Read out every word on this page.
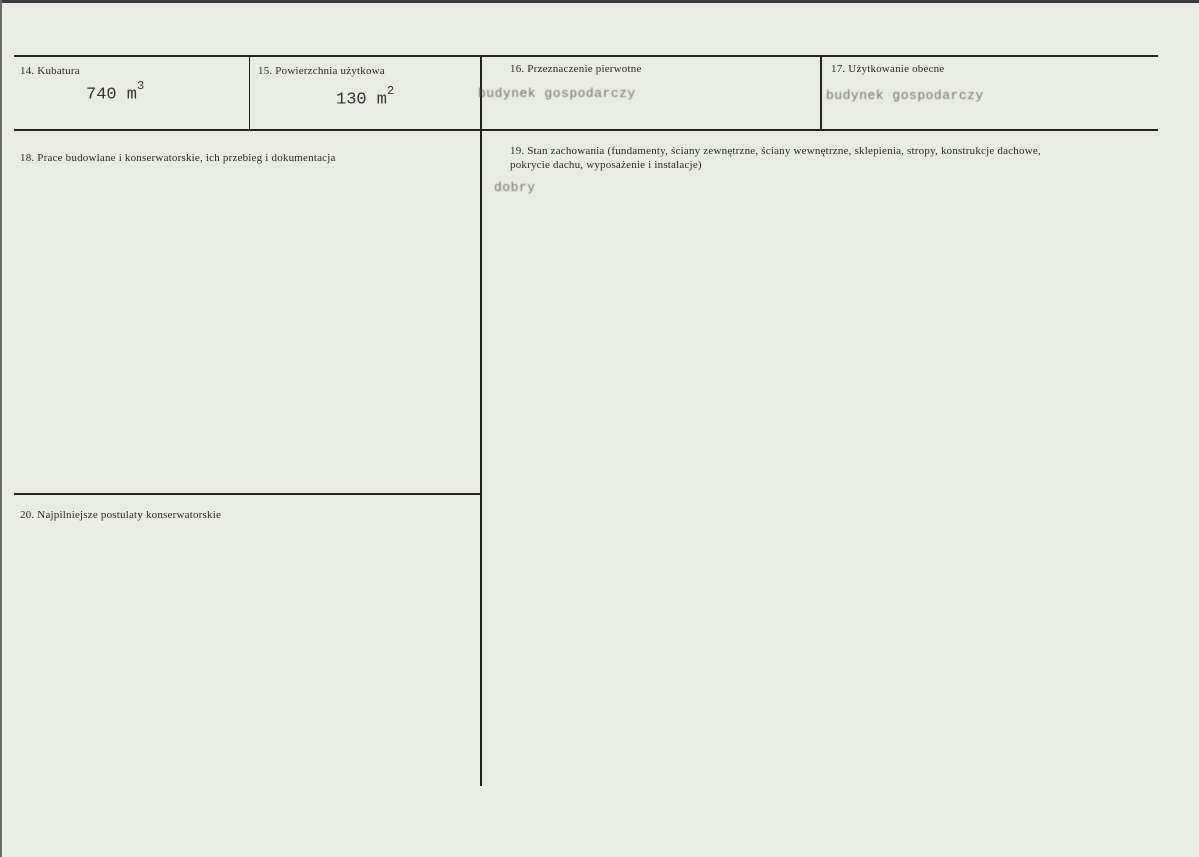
14. Kubatura
740 $m^3$
15. Powierzchnia użytkowa
130 $m^2$
16. Przeznaczenie pierwotne
budynek gospodarczy
17. Użytkowanie obecne
budynek gospodarczy
18. Prace budowlane i konserwatorskie, ich przebieg i dokumentacja
19. Stan zachowania (fundamenty, ściany zewnętrzne, ściany wewnętrzne, sklepienia, stropy, konstrukcje dachowe, pokrycie dachu, wyposażenie i instalacje)
dobry
20. Najpilniejsze postulaty konserwatorskie
